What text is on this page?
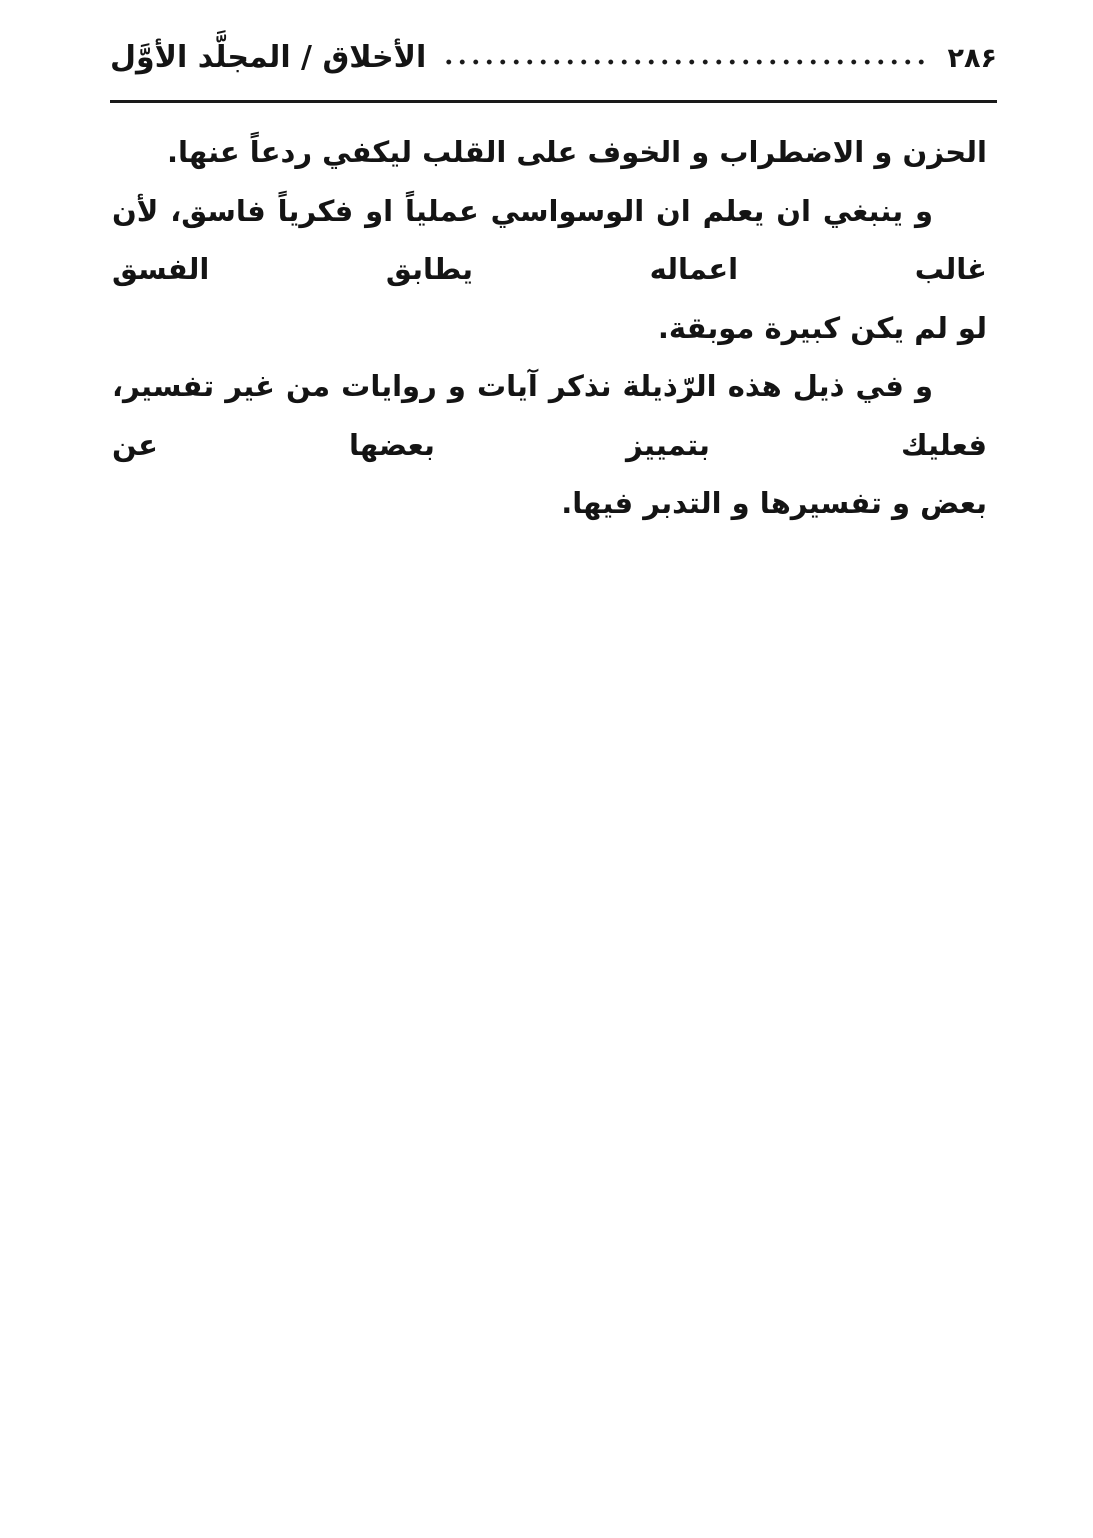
۲۸۶
الأخلاق / المجلَّد الأوَّل
الحزن و الاضطراب و الخوف على القلب ليكفي ردعاً عنها.
و ينبغي ان يعلم ان الوسواسي عملياً او فكرياً فاسق، لأن غالب اعماله يطابق الفسق
لو لم يكن كبيرة موبقة.
و في ذيل هذه الرّذيلة نذكر آيات و روايات من غير تفسير، فعليك بتمييز بعضها عن
بعض و تفسيرها و التدبر فيها.
